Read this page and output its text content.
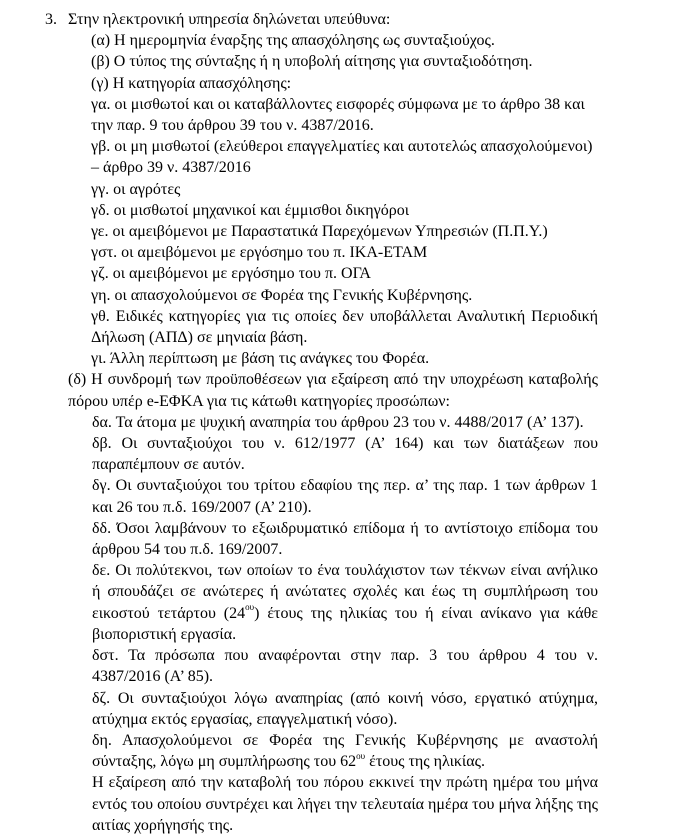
3. Στην ηλεκτρονική υπηρεσία δηλώνεται υπεύθυνα:
(α) Η ημερομηνία έναρξης της απασχόλησης ως συνταξιούχος.
(β) Ο τύπος της σύνταξης ή η υποβολή αίτησης για συνταξιοδότηση.
(γ) Η κατηγορία απασχόλησης:
γα. οι μισθωτοί και οι καταβάλλοντες εισφορές σύμφωνα με το άρθρο 38 και την παρ. 9 του άρθρου 39 του ν. 4387/2016.
γβ. οι μη μισθωτοί (ελεύθεροι επαγγελματίες και αυτοτελώς απασχολούμενοι) – άρθρο 39 ν. 4387/2016
γγ. οι αγρότες
γδ. οι μισθωτοί μηχανικοί και έμμισθοι δικηγόροι
γε. οι αμειβόμενοι με Παραστατικά Παρεχόμενων Υπηρεσιών (Π.Π.Υ.)
γστ. οι αμειβόμενοι με εργόσημο του π. ΙΚΑ-ΕΤΑΜ
γζ. οι αμειβόμενοι με εργόσημο του π. ΟΓΑ
γη. οι απασχολούμενοι σε Φορέα της Γενικής Κυβέρνησης.
γθ. Ειδικές κατηγορίες για τις οποίες δεν υποβάλλεται Αναλυτική Περιοδική Δήλωση (ΑΠΔ) σε μηνιαία βάση.
γι. Άλλη περίπτωση με βάση τις ανάγκες του Φορέα.
(δ) Η συνδρομή των προϋποθέσεων για εξαίρεση από την υποχρέωση καταβολής πόρου υπέρ e-ΕΦΚΑ για τις κάτωθι κατηγορίες προσώπων:
δα. Τα άτομα με ψυχική αναπηρία του άρθρου 23 του ν. 4488/2017 (Α’ 137).
δβ. Οι συνταξιούχοι του ν. 612/1977 (Α’ 164) και των διατάξεων που παραπέμπουν σε αυτόν.
δγ. Οι συνταξιούχοι του τρίτου εδαφίου της περ. α’ της παρ. 1 των άρθρων 1 και 26 του π.δ. 169/2007 (Α’ 210).
δδ. Όσοι λαμβάνουν το εξωιδρυματικό επίδομα ή το αντίστοιχο επίδομα του άρθρου 54 του π.δ. 169/2007.
δε. Οι πολύτεκνοι, των οποίων το ένα τουλάχιστον των τέκνων είναι ανήλικο ή σπουδάζει σε ανώτερες ή ανώτατες σχολές και έως τη συμπλήρωση του εικοστού τετάρτου $(24^{o\upsilon})$ έτους της ηλικίας του ή είναι ανίκανο για κάθε βιοποριστική εργασία.
δστ. Τα πρόσωπα που αναφέρονται στην παρ. 3 του άρθρου 4 του ν. 4387/2016 (Α’ 85).
δζ. Οι συνταξιούχοι λόγω αναπηρίας (από κοινή νόσο, εργατικό ατύχημα, ατύχημα εκτός εργασίας, επαγγελματική νόσο).
δη. Απασχολούμενοι σε Φορέα της Γενικής Κυβέρνησης με αναστολή σύνταξης, λόγω μη συμπλήρωσης του $62^{o\upsilon}$ έτους της ηλικίας.
Η εξαίρεση από την καταβολή του πόρου εκκινεί την πρώτη ημέρα του μήνα εντός του οποίου συντρέχει και λήγει την τελευταία ημέρα του μήνα λήξης της αιτίας χορήγησής της.
